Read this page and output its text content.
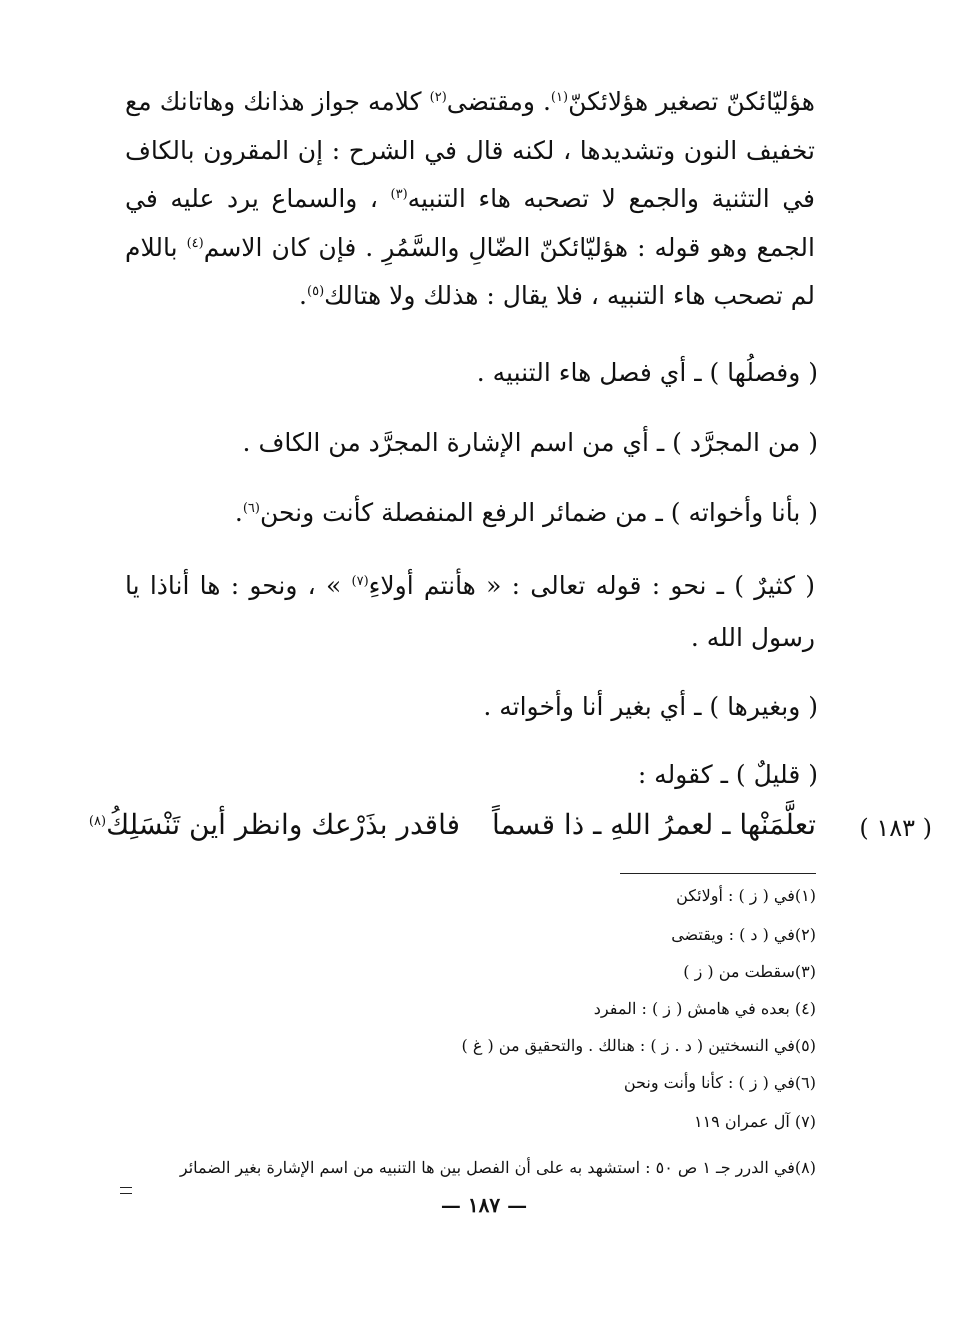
هؤليّائكنّ تصغير هؤلائكنّ$^{(١)}$. ومقتضى$^{(٢)}$ كلامه جواز هذانك وهاتانك مع تخفيف النون وتشديدها ، لكنه قال في الشرح : إن المقرون بالكاف في التثنية والجمع لا تصحبه هاء التنبيه$^{(٣)}$ ، والسماع يرد عليه في الجمع وهو قوله : هؤليّائكنّ الضّالِ والسَّمُرِ . فإن كان الاسم$^{(٤)}$ باللام لم تصحب هاء التنبيه ، فلا يقال : هذلك ولا هتالك$^{(٥)}$.

( وفصلُها ) ـ أي فصل هاء التنبيه .
( من المجرَّد ) ـ أي من اسم الإشارة المجرَّد من الكاف .
( بأنا وأخواته ) ـ من ضمائر الرفع المنفصلة كأنت ونحن$^{(٦)}$.
( كثيرٌ ) ـ نحو : قوله تعالى : « هأنتم أولاءِ$^{(٧)}$ » ، ونحو : ها أناذا يا رسول الله .
( وبغيرها ) ـ أي بغير أنا وأخواته .
( قليلٌ ) ـ كقوله :
( ١٨٣ )
تعلَّمَنْها ـ لعمرُ اللهِ ـ ذا قسماً
فاقدر بذَرْعك وانظر أين تَنْسَلِكُ$^{(٨)}$
(١)في ( ز ) : أولائكن
(٢)في ( د ) : ويقتضى
(٣)سقطت من ( ز )
(٤) بعده في هامش ( ز ) : المفرد
(٥)في النسختين ( د . ز ) : هنالك . والتحقيق من ( غ )
(٦)في ( ز ) : كأنا وأنت ونحن
(٧) آل عمران ١١٩
(٨)في الدرر جـ ١ ص ٥٠ : استشهد به على أن الفصل بين ها التنبيه من اسم الإشارة بغير الضمائر
— ١٨٧ —
